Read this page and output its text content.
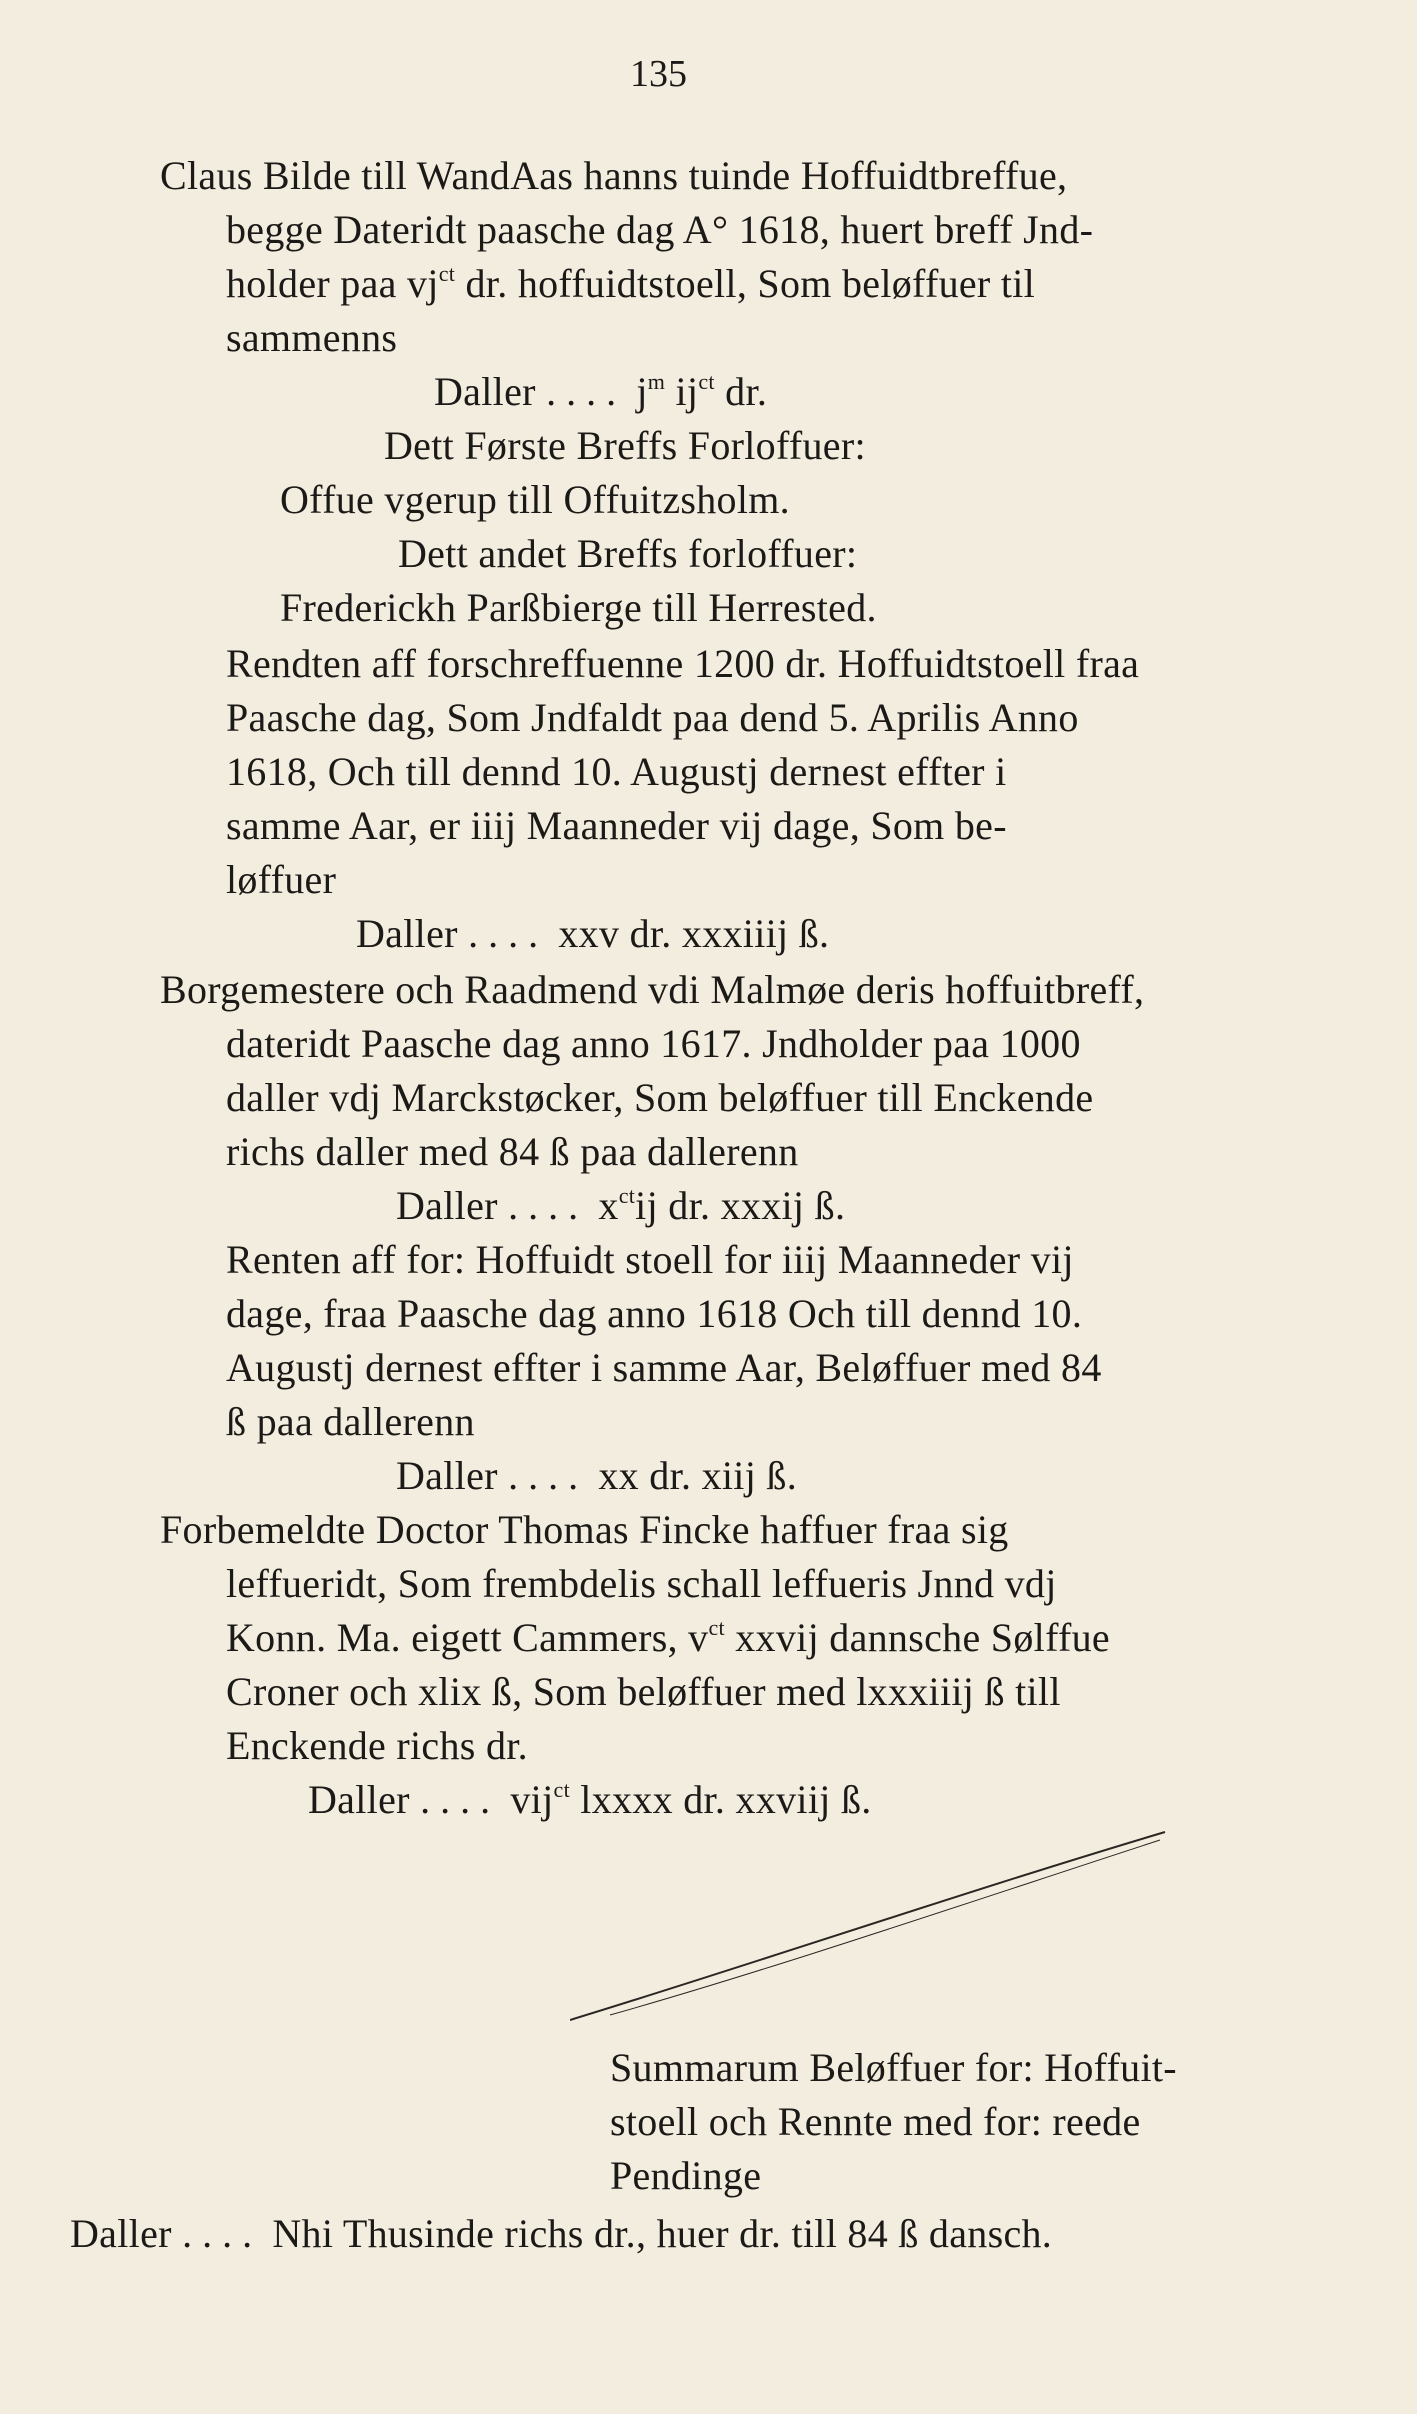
135
Claus Bilde till WandAas hanns tuinde Hoffuidtbreffue,
begge Dateridt paasche dag A° 1618, huert breff Jnd-
holder paa $vj^{ct}$ dr. hoffuidtstoell, Som beløffuer til
sammenns
Daller .... $j^m$ $ij^{ct}$ dr.
Dett Første Breffs Forloffuer:
Offue vgerup till Offuitzsholm.
Dett andet Breffs forloffuer:
Frederickh Parßbierge till Herrested.
Rendten aff forschreffuenne 1200 dr. Hoffuidtstoell fraa
Paasche dag, Som Jndfaldt paa dend 5. Aprilis Anno
1618, Och till dennd 10. Augustj dernest effter i
samme Aar, er iiij Maanneder vij dage, Som be-
løffuer
Daller .... xxv dr. xxxiiij ß.
Borgemestere och Raadmend vdi Malmøe deris hoffuitbreff,
dateridt Paasche dag anno 1617. Jndholder paa 1000
daller vdj Marckstøcker, Som beløffuer till Enckende
richs daller med 84 ß paa dallerenn
Daller .... $x^{ct}ij$ dr. xxxij ß.
Renten aff for: Hoffuidt stoell for iiij Maanneder vij
dage, fraa Paasche dag anno 1618 Och till dennd 10.
Augustj dernest effter i samme Aar, Beløffuer med 84
ß paa dallerenn
Daller .... xx dr. xiij ß.
Forbemeldte Doctor Thomas Fincke haffuer fraa sig
leffueridt, Som frembdelis schall leffueris Jnnd vdj
Konn. Ma. eigett Cammers, $v^{ct}$ xxvij dannsche Sølffue
Croner och xlix ß, Som beløffuer med lxxxiiij ß till
Enckende richs dr.
Daller .... vij$^{ct}$ lxxxx dr. xxviij ß.
Summarum Beløffuer for: Hoffuit-
stoell och Rennte med for: reede
Pendinge
Daller .... Nhi Thusinde richs dr., huer dr. till 84 ß dansch.
